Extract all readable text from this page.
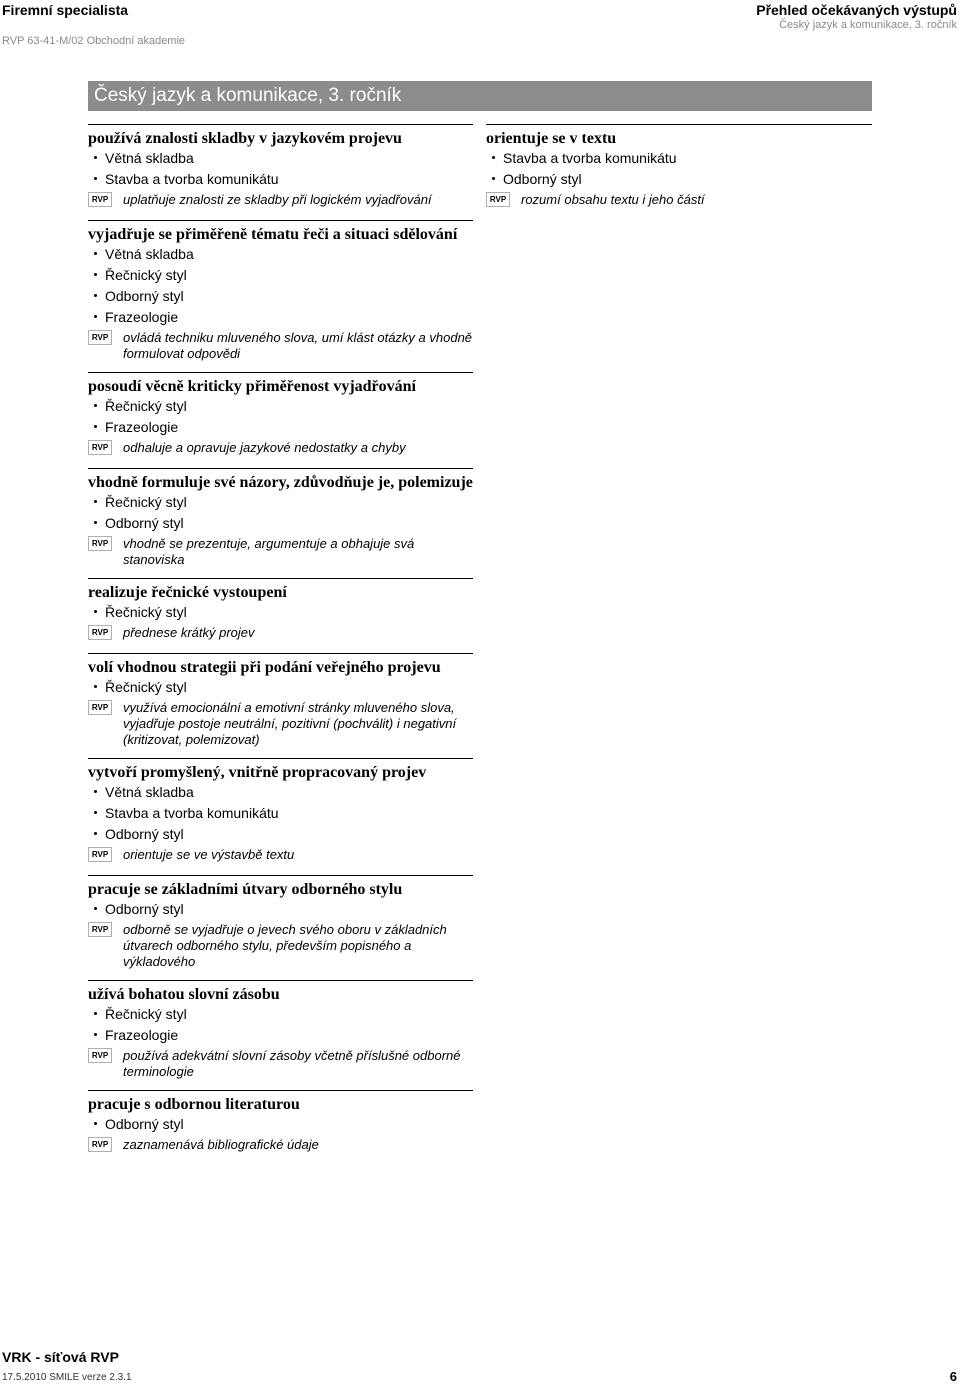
Firemní specialista
RVP 63-41-M/02 Obchodní akademie
Přehled očekávaných výstupů
Český jazyk a komunikace, 3. ročník
Český jazyk a komunikace, 3. ročník
používá znalosti skladby v jazykovém projevu
Větná skladba
Stavba a tvorba komunikátu
RVP uplatňuje znalosti ze skladby při logickém vyjadřování
vyjadřuje se přiměřeně tématu řeči a situaci sdělování
Větná skladba
Řečnický styl
Odborný styl
Frazeologie
RVP ovládá techniku mluveného slova, umí klást otázky a vhodně formulovat odpovědi
posoudí věcně kriticky přiměřenost vyjadřování
Řečnický styl
Frazeologie
RVP odhaluje a opravuje jazykové nedostatky a chyby
vhodně formuluje své názory, zdůvodňuje je, polemizuje
Řečnický styl
Odborný styl
RVP vhodně se prezentuje, argumentuje a obhajuje svá stanoviska
realizuje řečnické vystoupení
Řečnický styl
RVP přednese krátký projev
volí vhodnou strategii při podání veřejného projevu
Řečnický styl
RVP využívá emocionální a emotivní stránky mluveného slova, vyjadřuje postoje neutrální, pozitivní (pochválit) i negativní (kritizovat, polemizovat)
vytvoří promyšlený, vnitřně propracovaný projev
Větná skladba
Stavba a tvorba komunikátu
Odborný styl
RVP orientuje se ve výstavbě textu
pracuje se základními útvary odborného stylu
Odborný styl
RVP odborně se vyjadřuje o jevech svého oboru v základních útvarech odborného stylu, především popisného a výkladového
užívá bohatou slovní zásobu
Řečnický styl
Frazeologie
RVP používá adekvátní slovní zásoby včetně příslušné odborné terminologie
pracuje s odbornou literaturou
Odborný styl
RVP zaznamenává bibliografické údaje
orientuje se v textu
Stavba a tvorba komunikátu
Odborný styl
RVP rozumí obsahu textu i jeho částí
VRK - síťová RVP
17.5.2010 SMILE verze 2.3.1	6
